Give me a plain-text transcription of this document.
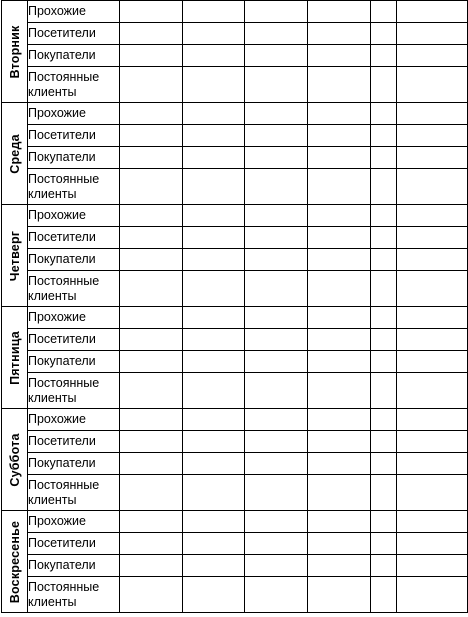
Вторник	Прохожие						
	Посетители						
	Покупатели						
	Постоянные клиенты						

Среда	Прохожие						
	Посетители						
	Покупатели						
	Постоянные клиенты						

Четверг	Прохожие						
	Посетители						
	Покупатели						
	Постоянные клиенты						

Пятница	Прохожие						
	Посетители						
	Покупатели						
	Постоянные клиенты						

Суббота	Прохожие						
	Посетители						
	Покупатели						
	Постоянные клиенты						

Воскресенье	Прохожие						
	Посетители						
	Покупатели						
	Постоянные клиенты						
